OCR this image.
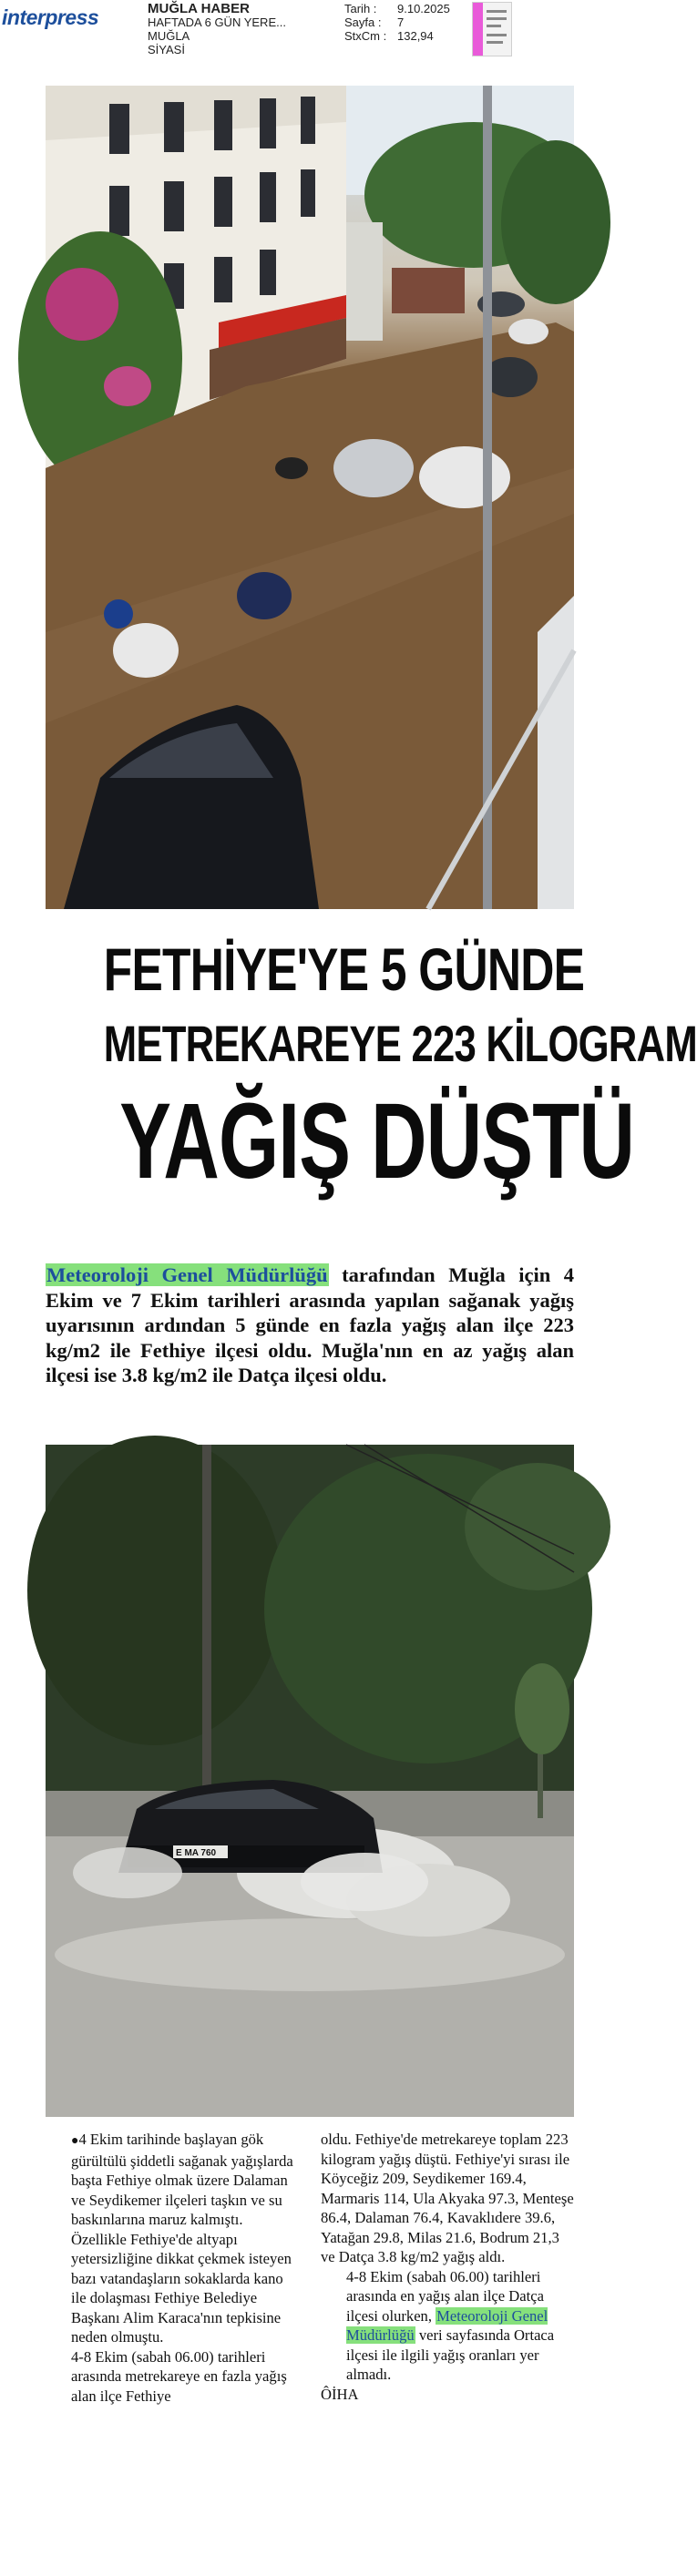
interpress	MUĞLA HABER
HAFTADA 6 GÜN YERE...
MUĞLA
SİYASİ
Tarih :	9.10.2025
Sayfa :	7
StxCm : 132,94
FETHİYE'YE 5 GÜNDE
METREKAREYE 223 KİLOGRAM
YAĞIŞ DÜŞTÜ
Meteoroloji Genel Müdürlüğü tarafından Muğla için 4 Ekim ve 7 Ekim tarihleri arasında yapılan sağanak yağış uyarısının ardından 5 günde en fazla yağış alan ilçe 223 kg/m2 ile Fethiye ilçesi oldu. Muğla'nın en az yağış alan ilçesi ise 3.8 kg/m2 ile Datça ilçesi oldu.
E MA 760

●4 Ekim tarihinde başlayan gök gürültülü şiddetli sağanak yağışlarda başta Fethiye olmak üzere Dalaman ve Seydikemer ilçeleri taşkın ve su baskınlarına maruz kalmıştı. Özellikle Fethiye'de altyapı yetersizliğine dikkat çekmek isteyen bazı vatandaşların sokaklarda kano ile dolaşması Fethiye Belediye Başkanı Alim Karaca'nın tepkisine neden olmuştu.

4-8 Ekim (sabah 06.00) tarihleri arasında metrekareye en fazla yağış alan ilçe Fethiye

oldu. Fethiye'de metrekareye toplam 223 kilogram yağış düştü. Fethiye'yi sırası ile Köyceğiz 209, Seydikemer 169.4, Marmaris 114, Ula Akyaka 97.3, Menteşe 86.4, Dalaman 76.4, Kavaklıdere 39.6, Yatağan 29.8, Milas 21.6, Bodrum 21,3 ve Datça 3.8 kg/m2 yağış aldı.

4-8 Ekim (sabah 06.00) tarihleri arasında en yağış alan ilçe Datça ilçesi olurken, Meteoroloji Genel Müdürlüğü veri sayfasında Ortaca ilçesi ile ilgili yağış oranları yer almadı.

ÔİHA
